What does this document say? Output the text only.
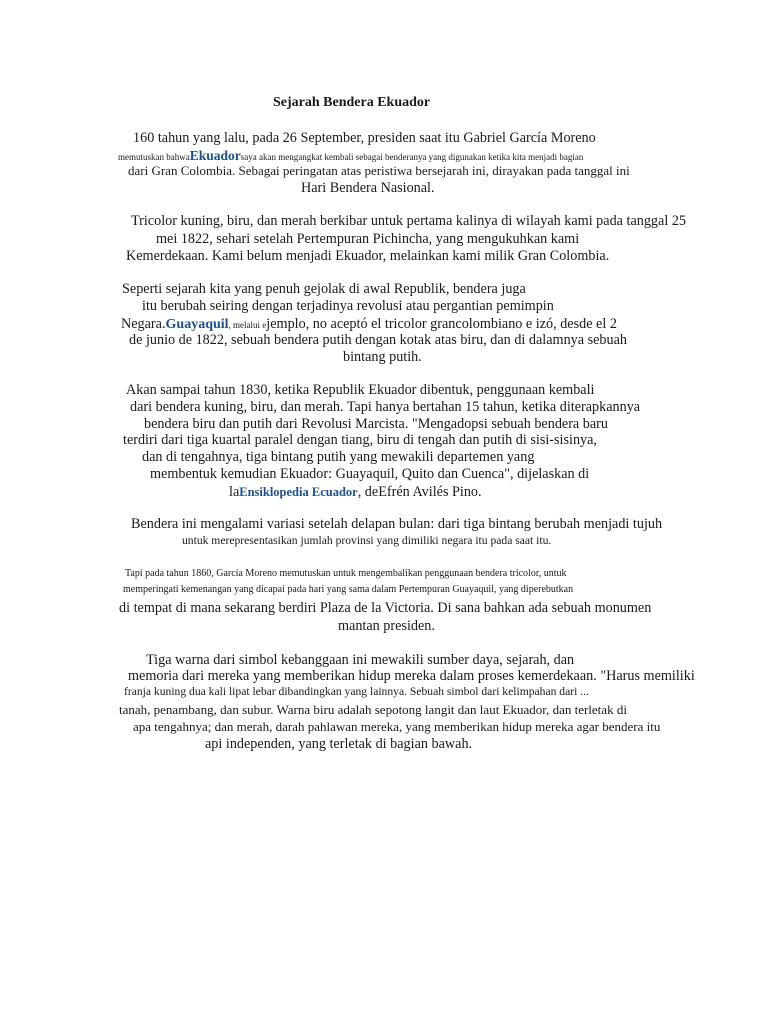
Sejarah Bendera Ekuador
160 tahun yang lalu, pada 26 September, presiden saat itu Gabriel García Moreno
memutuskan bahwaEkuadorsaya akan mengangkat kembali sebagai benderanya yang digunakan ketika kita menjadi bagian
dari Gran Colombia. Sebagai peringatan atas peristiwa bersejarah ini, dirayakan pada tanggal ini
Hari Bendera Nasional.
Tricolor kuning, biru, dan merah berkibar untuk pertama kalinya di wilayah kami pada tanggal 25
mei 1822, sehari setelah Pertempuran Pichincha, yang mengukuhkan kami
Kemerdekaan. Kami belum menjadi Ekuador, melainkan kami milik Gran Colombia.
Seperti sejarah kita yang penuh gejolak di awal Republik, bendera juga
itu berubah seiring dengan terjadinya revolusi atau pergantian pemimpin
Negara.Guayaquil, melalui ejemplo, no aceptó el tricolor grancolombiano e izó, desde el 2
de junio de 1822, sebuah bendera putih dengan kotak atas biru, dan di dalamnya sebuah
bintang putih.
Akan sampai tahun 1830, ketika Republik Ekuador dibentuk, penggunaan kembali
dari bendera kuning, biru, dan merah. Tapi hanya bertahan 15 tahun, ketika diterapkannya
bendera biru dan putih dari Revolusi Marcista. "Mengadopsi sebuah bendera baru
terdiri dari tiga kuartal paralel dengan tiang, biru di tengah dan putih di sisi-sisinya,
dan di tengahnya, tiga bintang putih yang mewakili departemen yang
membentuk kemudian Ekuador: Guayaquil, Quito dan Cuenca", dijelaskan di
laEnsiklopedia Ecuador, deEfrén Avilés Pino.
Bendera ini mengalami variasi setelah delapan bulan: dari tiga bintang berubah menjadi tujuh
untuk merepresentasikan jumlah provinsi yang dimiliki negara itu pada saat itu.
Tapi pada tahun 1860, García Moreno memutuskan untuk mengembalikan penggunaan bendera tricolor, untuk
memperingati kemenangan yang dicapai pada hari yang sama dalam Pertempuran Guayaquil, yang diperebutkan
di tempat di mana sekarang berdiri Plaza de la Victoria. Di sana bahkan ada sebuah monumen
mantan presiden.
Tiga warna dari simbol kebanggaan ini mewakili sumber daya, sejarah, dan
memoria dari mereka yang memberikan hidup mereka dalam proses kemerdekaan. "Harus memiliki
franja kuning dua kali lipat lebar dibandingkan yang lainnya. Sebuah simbol dari kelimpahan dari ...
tanah, penambang, dan subur. Warna biru adalah sepotong langit dan laut Ekuador, dan terletak di
apa tengahnya; dan merah, darah pahlawan mereka, yang memberikan hidup mereka agar bendera itu
api independen, yang terletak di bagian bawah.
